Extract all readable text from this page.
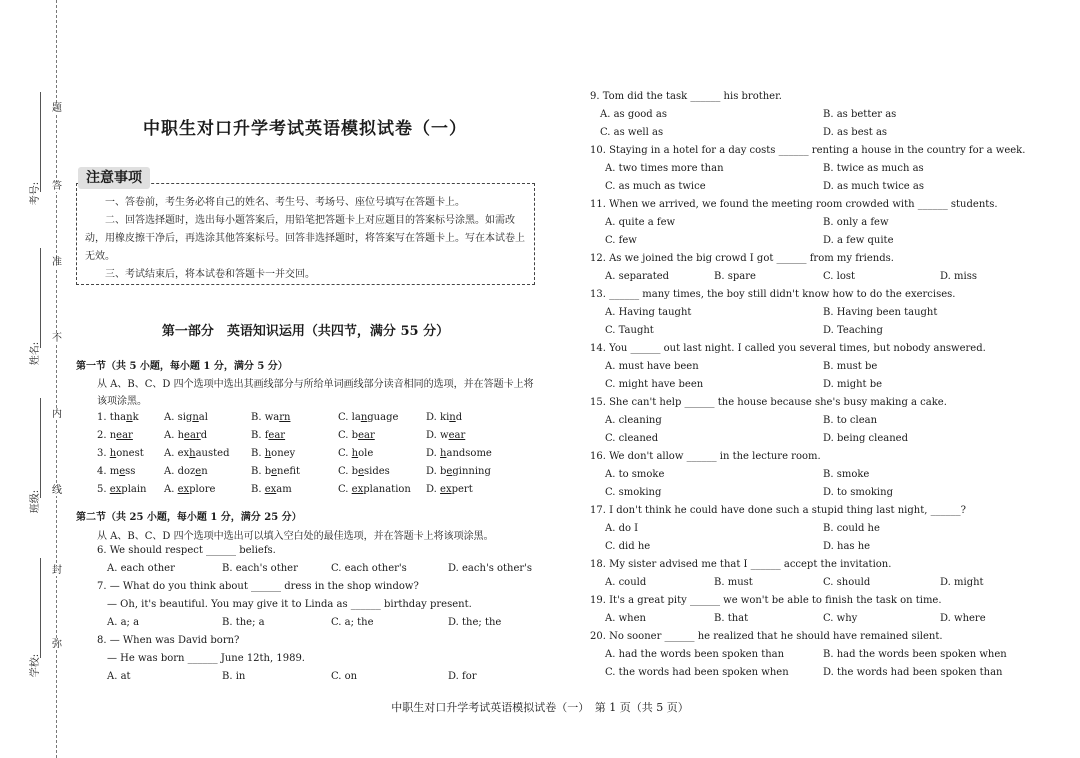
考号:
姓名:
班级:
学校:
题
答
准
不
内
线
封
弥
中职生对口升学考试英语模拟试卷（一）

一、答卷前，考生务必将自己的姓名、考生号、考场号、座位号填写在答题卡上。

二、回答选择题时，选出每小题答案后，用铅笔把答题卡上对应题目的答案标号涂黑。如需改动，用橡皮擦干净后，再选涂其他答案标号。回答非选择题时，将答案写在答题卡上。写在本试卷上无效。

三、考试结束后，将本试卷和答题卡一并交回。

注意事项
第一部分　英语知识运用（共四节，满分 55 分）
第一节（共 5 小题，每小题 1 分，满分 5 分）
从 A、B、C、D 四个选项中选出其画线部分与所给单词画线部分读音相同的选项，并在答题卡上将该项涂黑。
1. thank	A. signal	B. warn	C. language	D. kind
2. near	A. heard	B. fear	C. bear	D. wear
3. honest A. exhausted B. honey	C. hole	D. handsome
4. mess	A. dozen	B. benefit	C. besides	D. beginning
5. explain A. explore	B. exam	C. explanation D. expert
第二节（共 25 小题，每小题 1 分，满分 25 分）
从 A、B、C、D 四个选项中选出可以填入空白处的最佳选项，并在答题卡上将该项涂黑。
6. We should respect ______ beliefs.
A. each other	B. each's other	C. each other's	D. each's other's
7. — What do you think about ______ dress in the shop window?
— Oh, it's beautiful. You may give it to Linda as ______ birthday present.
A. a; a	B. the; a	C. a; the	D. the; the
8. — When was David born?
— He was born ______ June 12th, 1989.
A. at	B. in	C. on	D. for
9. Tom did the task ______ his brother.
A. as good as	B. as better as
C. as well as	D. as best as
10. Staying in a hotel for a day costs ______ renting a house in the country for a week.
A. two times more than	B. twice as much as
C. as much as twice	D. as much twice as
11. When we arrived, we found the meeting room crowded with ______ students.
A. quite a few	B. only a few
C. few	D. a few quite
12. As we joined the big crowd I got ______ from my friends.
A. separated	B. spare	C. lost	D. miss
13. ______ many times, the boy still didn't know how to do the exercises.
A. Having taught	B. Having been taught
C. Taught	D. Teaching
14. You ______ out last night. I called you several times, but nobody answered.
A. must have been	B. must be
C. might have been	D. might be
15. She can't help ______ the house because she's busy making a cake.
A. cleaning	B. to clean
C. cleaned	D. being cleaned
16. We don't allow ______ in the lecture room.
A. to smoke	B. smoke
C. smoking	D. to smoking
17. I don't think he could have done such a stupid thing last night, ______?
A. do I	B. could he
C. did he	D. has he
18. My sister advised me that I ______ accept the invitation.
A. could	B. must	C. should	D. might
19. It's a great pity ______ we won't be able to finish the task on time.
A. when	B. that	C. why	D. where
20. No sooner ______ he realized that he should have remained silent.
A. had the words been spoken than	B. had the words been spoken when
C. the words had been spoken when	D. the words had been spoken than
中职生对口升学考试英语模拟试卷（一）　第 1 页（共 5 页）
